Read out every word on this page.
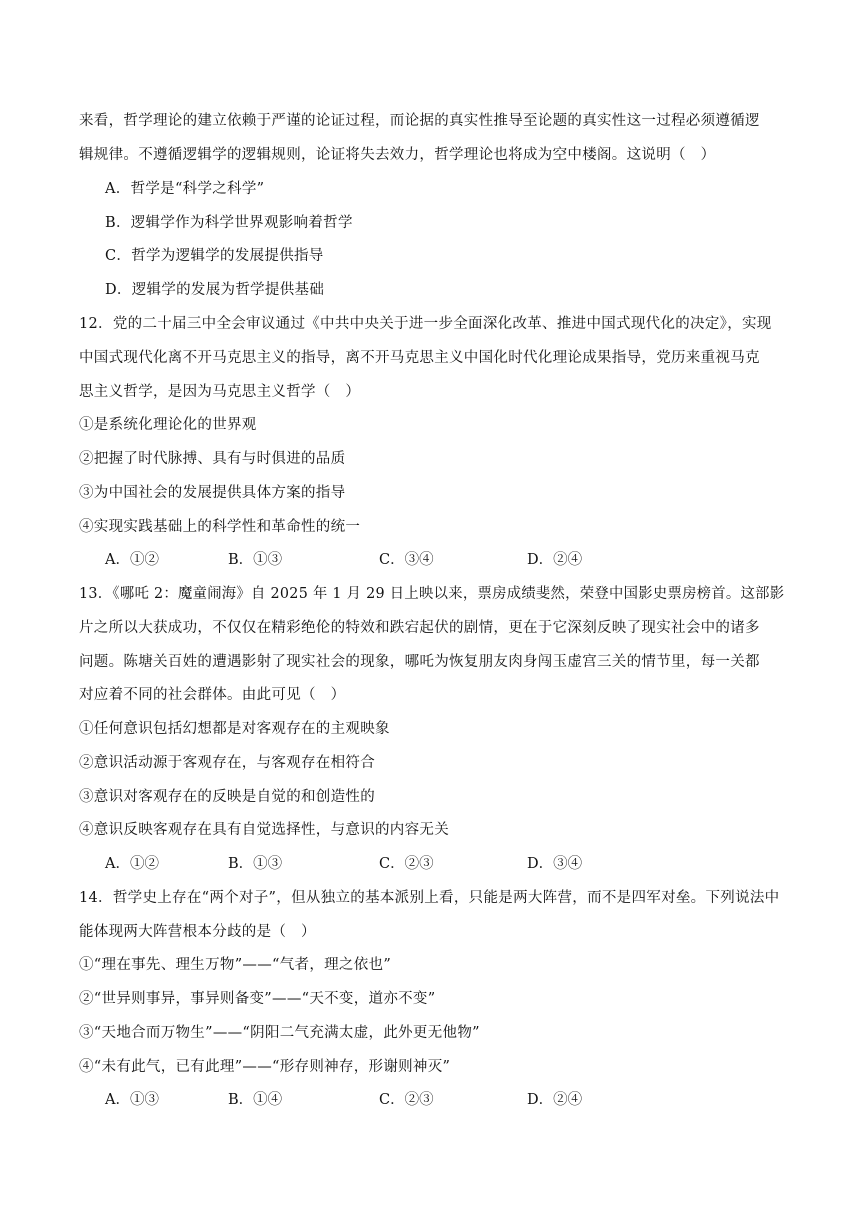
来看，哲学理论的建立依赖于严谨的论证过程，而论据的真实性推导至论题的真实性这一过程必须遵循逻
辑规律。不遵循逻辑学的逻辑规则，论证将失去效力，哲学理论也将成为空中楼阁。这说明（　）
A．哲学是“科学之科学”
B．逻辑学作为科学世界观影响着哲学
C．哲学为逻辑学的发展提供指导
D．逻辑学的发展为哲学提供基础
12．党的二十届三中全会审议通过《中共中央关于进一步全面深化改革、推进中国式现代化的决定》，实现
中国式现代化离不开马克思主义的指导，离不开马克思主义中国化时代化理论成果指导，党历来重视马克
思主义哲学，是因为马克思主义哲学（　）
①是系统化理论化的世界观
②把握了时代脉搏、具有与时俱进的品质
③为中国社会的发展提供具体方案的指导
④实现实践基础上的科学性和革命性的统一
A．①②	B．①③	C．③④	D．②④
13．《哪吒 2：魔童闹海》自 2025 年 1 月 29 日上映以来，票房成绩斐然，荣登中国影史票房榜首。这部影
片之所以大获成功，不仅仅在精彩绝伦的特效和跌宕起伏的剧情，更在于它深刻反映了现实社会中的诸多
问题。陈塘关百姓的遭遇影射了现实社会的现象，哪吒为恢复朋友肉身闯玉虚宫三关的情节里，每一关都
对应着不同的社会群体。由此可见（　）
①任何意识包括幻想都是对客观存在的主观映象
②意识活动源于客观存在，与客观存在相符合
③意识对客观存在的反映是自觉的和创造性的
④意识反映客观存在具有自觉选择性，与意识的内容无关
A．①②	B．①③	C．②③	D．③④
14．哲学史上存在“两个对子”，但从独立的基本派别上看，只能是两大阵营，而不是四军对垒。下列说法中
能体现两大阵营根本分歧的是（　）
①“理在事先、理生万物”——“气者，理之依也”
②“世异则事异，事异则备变”——“天不变，道亦不变”
③“天地合而万物生”——“阴阳二气充满太虚，此外更无他物”
④“未有此气，已有此理”——“形存则神存，形谢则神灭”
A．①③	B．①④	C．②③	D．②④
